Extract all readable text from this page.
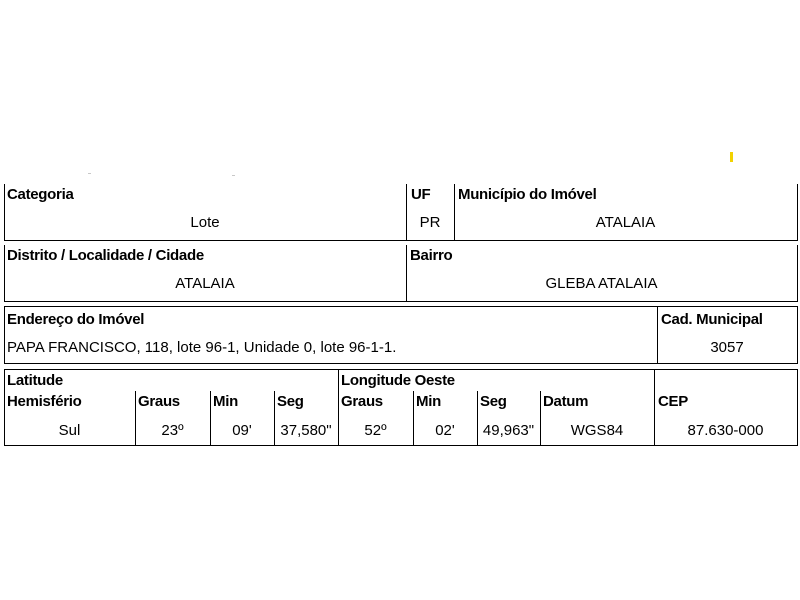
Categoria
Lote
UF
PR
Município do Imóvel
ATALAIA
Distrito / Localidade / Cidade
ATALAIA
Bairro
GLEBA ATALAIA
Endereço do Imóvel
PAPA FRANCISCO, 118, lote 96-1, Unidade 0, lote 96-1-1.
Cad. Municipal
3057
Latitude	Longitude Oeste
Hemisfério	Graus Min	Seg Graus Min	Seg Datum	CEP
Sul	23º	09'	37,580"	52º	02'	49,963"	WGS84	87.630-000
